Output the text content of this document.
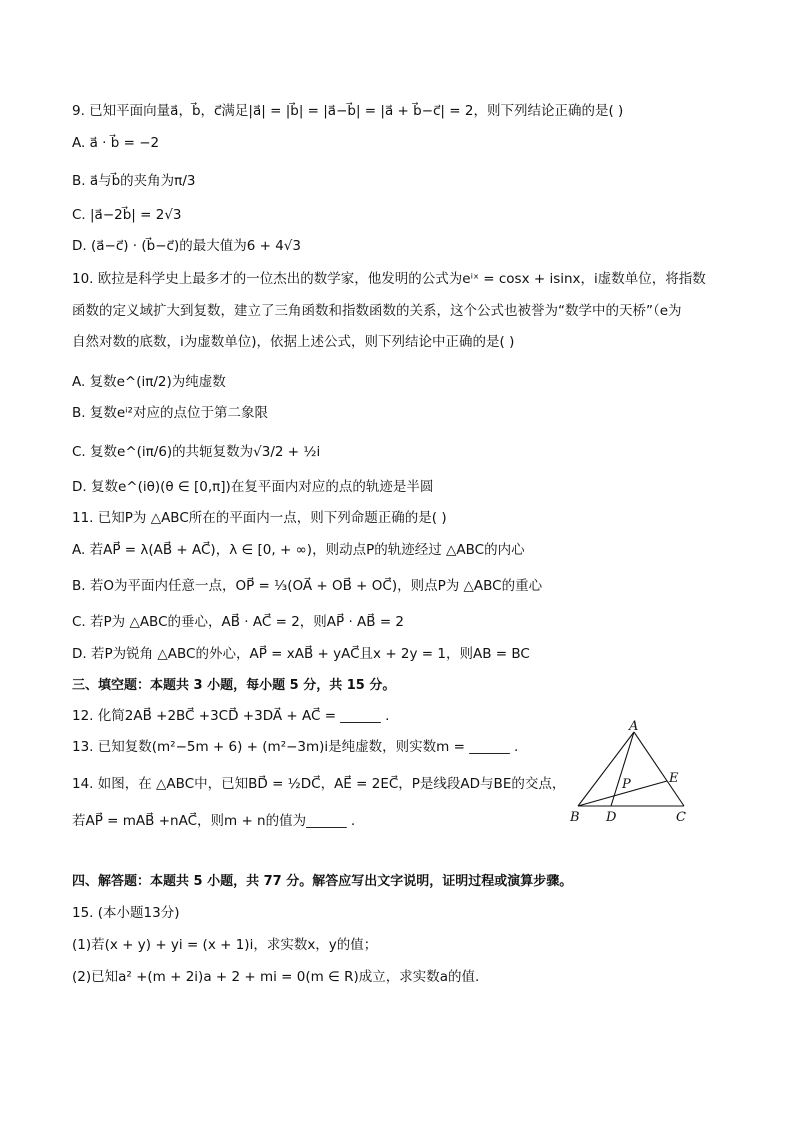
9. 已知平面向量a⃗，b⃗，c⃗满足|a⃗| = |b⃗| = |a⃗−b⃗| = |a⃗ + b⃗−c⃗| = 2，则下列结论正确的是( )
A. a⃗ · b⃗ = −2
B. a⃗与b⃗的夹角为π/3
C. |a⃗−2b⃗| = 2√3
D. (a⃗−c⃗) · (b⃗−c⃗)的最大值为6 + 4√3
10. 欧拉是科学史上最多才的一位杰出的数学家，他发明的公式为eⁱˣ = cosx + isinx，i虚数单位，将指数
函数的定义域扩大到复数，建立了三角函数和指数函数的关系，这个公式也被誉为“数学中的天桥”（e为
自然对数的底数，i为虚数单位)，依据上述公式，则下列结论中正确的是( )
A. 复数e^(iπ/2)为纯虚数
B. 复数eⁱ²对应的点位于第二象限
C. 复数e^(iπ/6)的共轭复数为√3/2 + ½i
D. 复数e^(iθ)(θ ∈ [0,π])在复平面内对应的点的轨迹是半圆
11. 已知P为 △ABC所在的平面内一点，则下列命题正确的是( )
A. 若AP⃗ = λ(AB⃗ + AC⃗)，λ ∈ [0, + ∞)，则动点P的轨迹经过 △ABC的内心
B. 若O为平面内任意一点，OP⃗ = ⅓(OA⃗ + OB⃗ + OC⃗)，则点P为 △ABC的重心
C. 若P为 △ABC的垂心，AB⃗ · AC⃗ = 2，则AP⃗ · AB⃗ = 2
D. 若P为锐角 △ABC的外心，AP⃗ = xAB⃗ + yAC⃗且x + 2y = 1，则AB = BC
三、填空题：本题共 3 小题，每小题 5 分，共 15 分。
12. 化简2AB⃗ +2BC⃗ +3CD⃗ +3DA⃗ + AC⃗ = ______ .
13. 已知复数(m²−5m + 6) + (m²−3m)i是纯虚数，则实数m = ______ .
14. 如图，在 △ABC中，已知BD⃗ = ½DC⃗，AE⃗ = 2EC⃗，P是线段AD与BE的交点，
若AP⃗ = mAB⃗ +nAC⃗，则m + n的值为______ .
A
B D	C
E
P
四、解答题：本题共 5 小题，共 77 分。解答应写出文字说明，证明过程或演算步骤。
15. (本小题13分)
(1)若(x + y) + yi = (x + 1)i，求实数x，y的值；
(2)已知a² +(m + 2i)a + 2 + mi = 0(m ∈ R)成立，求实数a的值.
